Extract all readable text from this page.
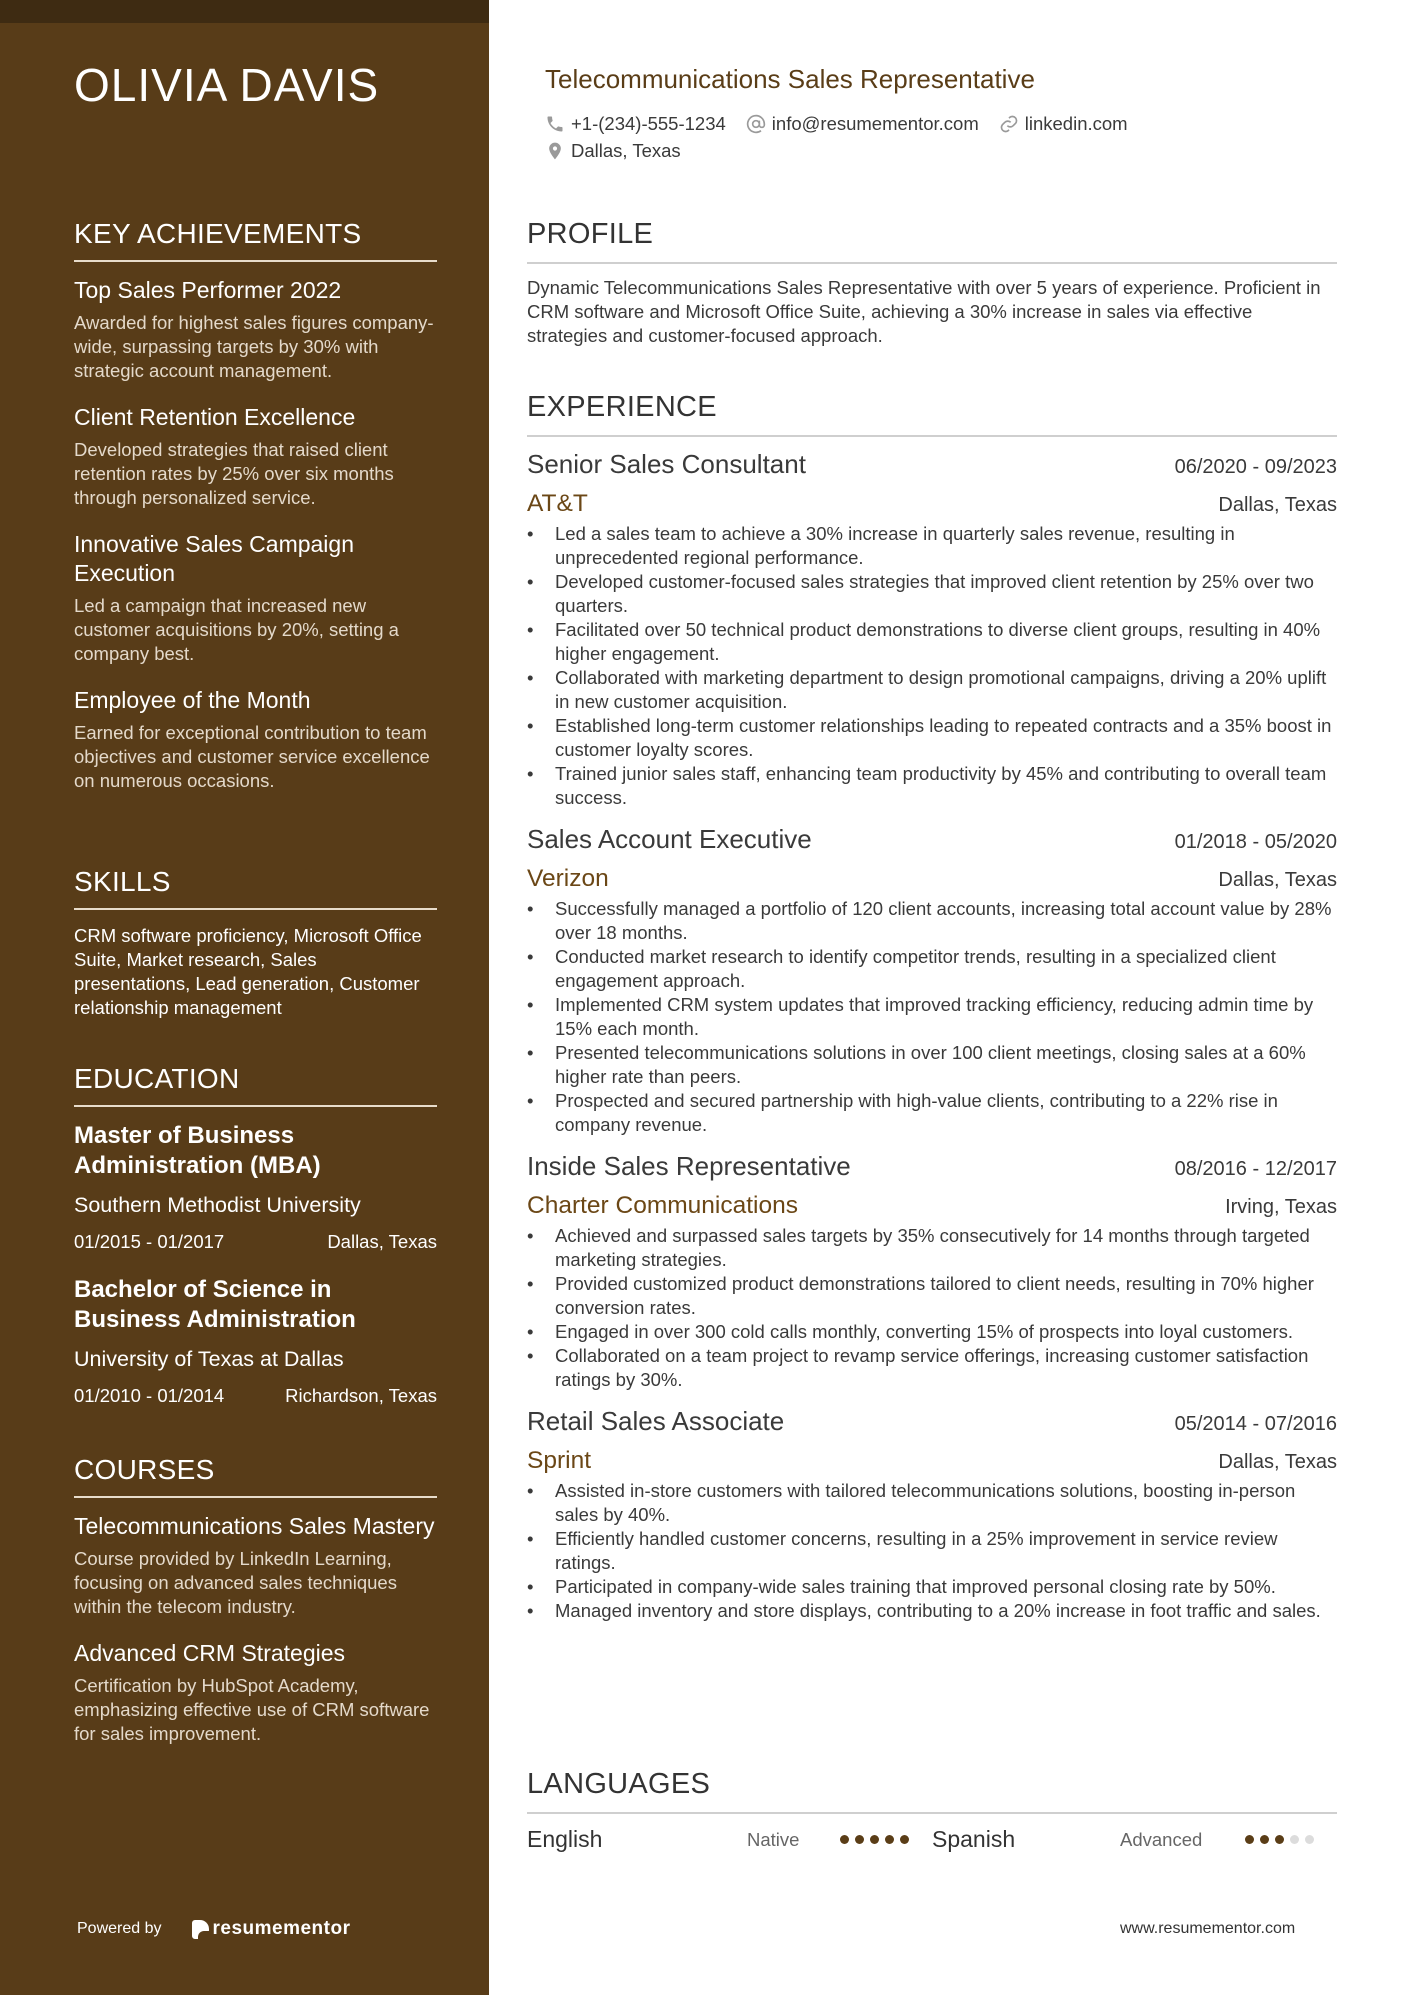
OLIVIA DAVIS
KEY ACHIEVEMENTS
Top Sales Performer 2022
Awarded for highest sales figures company-wide, surpassing targets by 30% with strategic account management.
Client Retention Excellence
Developed strategies that raised client retention rates by 25% over six months through personalized service.
Innovative Sales Campaign Execution
Led a campaign that increased new customer acquisitions by 20%, setting a company best.
Employee of the Month
Earned for exceptional contribution to team objectives and customer service excellence on numerous occasions.
SKILLS
CRM software proficiency, Microsoft Office Suite, Market research, Sales presentations, Lead generation, Customer relationship management
EDUCATION
Master of Business Administration (MBA)
Southern Methodist University
01/2015 - 01/2017	Dallas, Texas
Bachelor of Science in Business Administration
University of Texas at Dallas
01/2010 - 01/2014	Richardson, Texas
COURSES
Telecommunications Sales Mastery
Course provided by LinkedIn Learning, focusing on advanced sales techniques within the telecom industry.
Advanced CRM Strategies
Certification by HubSpot Academy, emphasizing effective use of CRM software for sales improvement.
Powered by	resumementor
Telecommunications Sales Representative
+1-(234)-555-1234 info@resumementor.com linkedin.com
Dallas, Texas
PROFILE
Dynamic Telecommunications Sales Representative with over 5 years of experience. Proficient in CRM software and Microsoft Office Suite, achieving a 30% increase in sales via effective strategies and customer-focused approach.
EXPERIENCE
Senior Sales Consultant	06/2020 - 09/2023
AT&T	Dallas, Texas
• Led a sales team to achieve a 30% increase in quarterly sales revenue, resulting in unprecedented regional performance.
• Developed customer-focused sales strategies that improved client retention by 25% over two quarters.
• Facilitated over 50 technical product demonstrations to diverse client groups, resulting in 40% higher engagement.
• Collaborated with marketing department to design promotional campaigns, driving a 20% uplift in new customer acquisition.
• Established long-term customer relationships leading to repeated contracts and a 35% boost in customer loyalty scores.
• Trained junior sales staff, enhancing team productivity by 45% and contributing to overall team success.
Sales Account Executive	01/2018 - 05/2020
Verizon	Dallas, Texas
• Successfully managed a portfolio of 120 client accounts, increasing total account value by 28% over 18 months.
• Conducted market research to identify competitor trends, resulting in a specialized client engagement approach.
• Implemented CRM system updates that improved tracking efficiency, reducing admin time by 15% each month.
• Presented telecommunications solutions in over 100 client meetings, closing sales at a 60% higher rate than peers.
• Prospected and secured partnership with high-value clients, contributing to a 22% rise in company revenue.
Inside Sales Representative	08/2016 - 12/2017
Charter Communications	Irving, Texas
• Achieved and surpassed sales targets by 35% consecutively for 14 months through targeted marketing strategies.
• Provided customized product demonstrations tailored to client needs, resulting in 70% higher conversion rates.
• Engaged in over 300 cold calls monthly, converting 15% of prospects into loyal customers.
• Collaborated on a team project to revamp service offerings, increasing customer satisfaction ratings by 30%.
Retail Sales Associate	05/2014 - 07/2016
Sprint	Dallas, Texas
• Assisted in-store customers with tailored telecommunications solutions, boosting in-person sales by 40%.
• Efficiently handled customer concerns, resulting in a 25% improvement in service review ratings.
• Participated in company-wide sales training that improved personal closing rate by 50%.
• Managed inventory and store displays, contributing to a 20% increase in foot traffic and sales.
LANGUAGES
English	Native	Spanish	Advanced
www.resumementor.com
